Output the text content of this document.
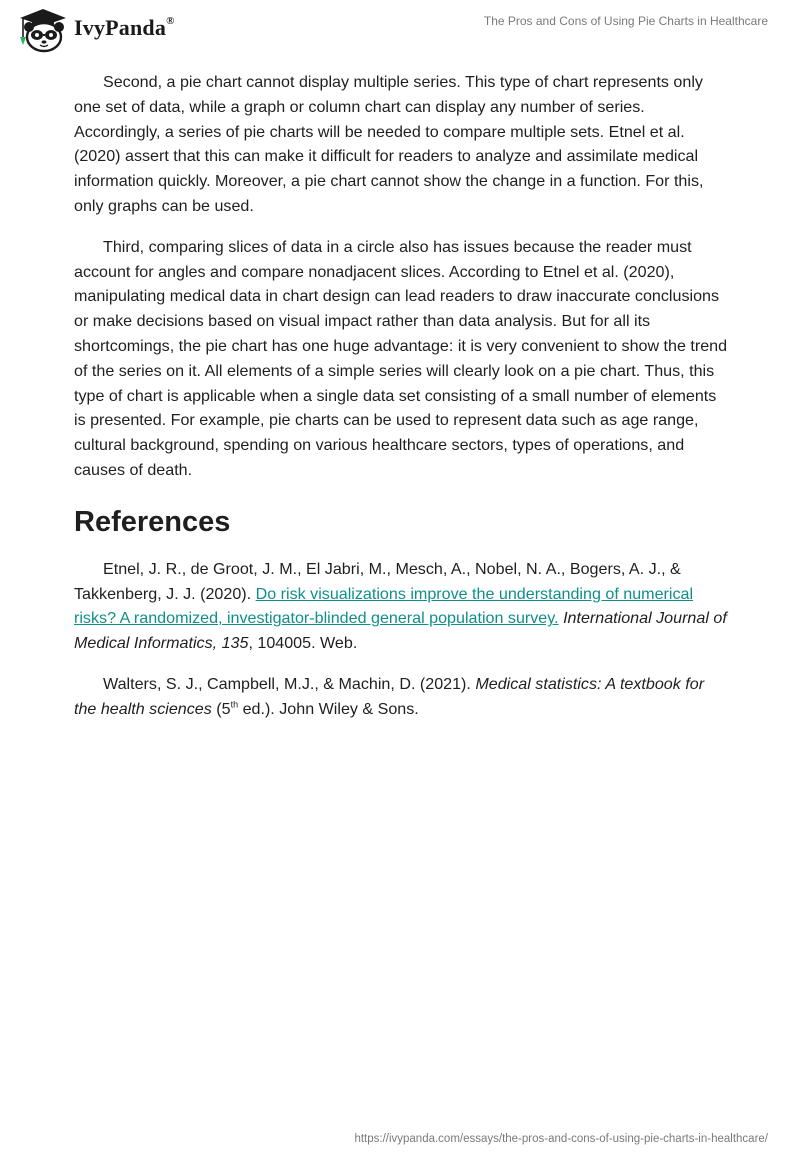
IvyPanda®	The Pros and Cons of Using Pie Charts in Healthcare

Second, a pie chart cannot display multiple series. This type of chart represents only one set of data, while a graph or column chart can display any number of series. Accordingly, a series of pie charts will be needed to compare multiple sets. Etnel et al. (2020) assert that this can make it difficult for readers to analyze and assimilate medical information quickly. Moreover, a pie chart cannot show the change in a function. For this, only graphs can be used.

Third, comparing slices of data in a circle also has issues because the reader must account for angles and compare nonadjacent slices. According to Etnel et al. (2020), manipulating medical data in chart design can lead readers to draw inaccurate conclusions or make decisions based on visual impact rather than data analysis. But for all its shortcomings, the pie chart has one huge advantage: it is very convenient to show the trend of the series on it. All elements of a simple series will clearly look on a pie chart. Thus, this type of chart is applicable when a single data set consisting of a small number of elements is presented. For example, pie charts can be used to represent data such as age range, cultural background, spending on various healthcare sectors, types of operations, and causes of death.

References

Etnel, J. R., de Groot, J. M., El Jabri, M., Mesch, A., Nobel, N. A., Bogers, A. J., & Takkenberg, J. J. (2020). Do risk visualizations improve the understanding of numerical risks? A randomized, investigator-blinded general population survey. International Journal of Medical Informatics, 135, 104005. Web.

Walters, S. J., Campbell, M.J., & Machin, D. (2021). Medical statistics: A textbook for the health sciences (5th ed.). John Wiley & Sons.

https://ivypanda.com/essays/the-pros-and-cons-of-using-pie-charts-in-healthcare/
